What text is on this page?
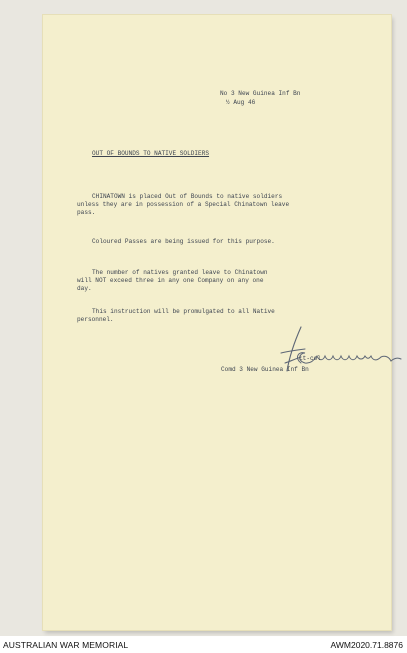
No 3 New Guinea Inf Bn

½ Aug 46

OUT OF BOUNDS TO NATIVE SOLDIERS

CHINATOWN is placed Out of Bounds to native soldiers

unless they are in possession of a Special Chinatown leave

pass.

Coloured Passes are being issued for this purpose.

The number of natives granted leave to Chinatown

will NOT exceed three in any one Company on any one

day.

This instruction will be promulgated to all Native

personnel.

Lt-col

Comd 3 New Guinea Inf Bn

AUSTRALIAN WAR MEMORIAL	AWM2020.71.8876
